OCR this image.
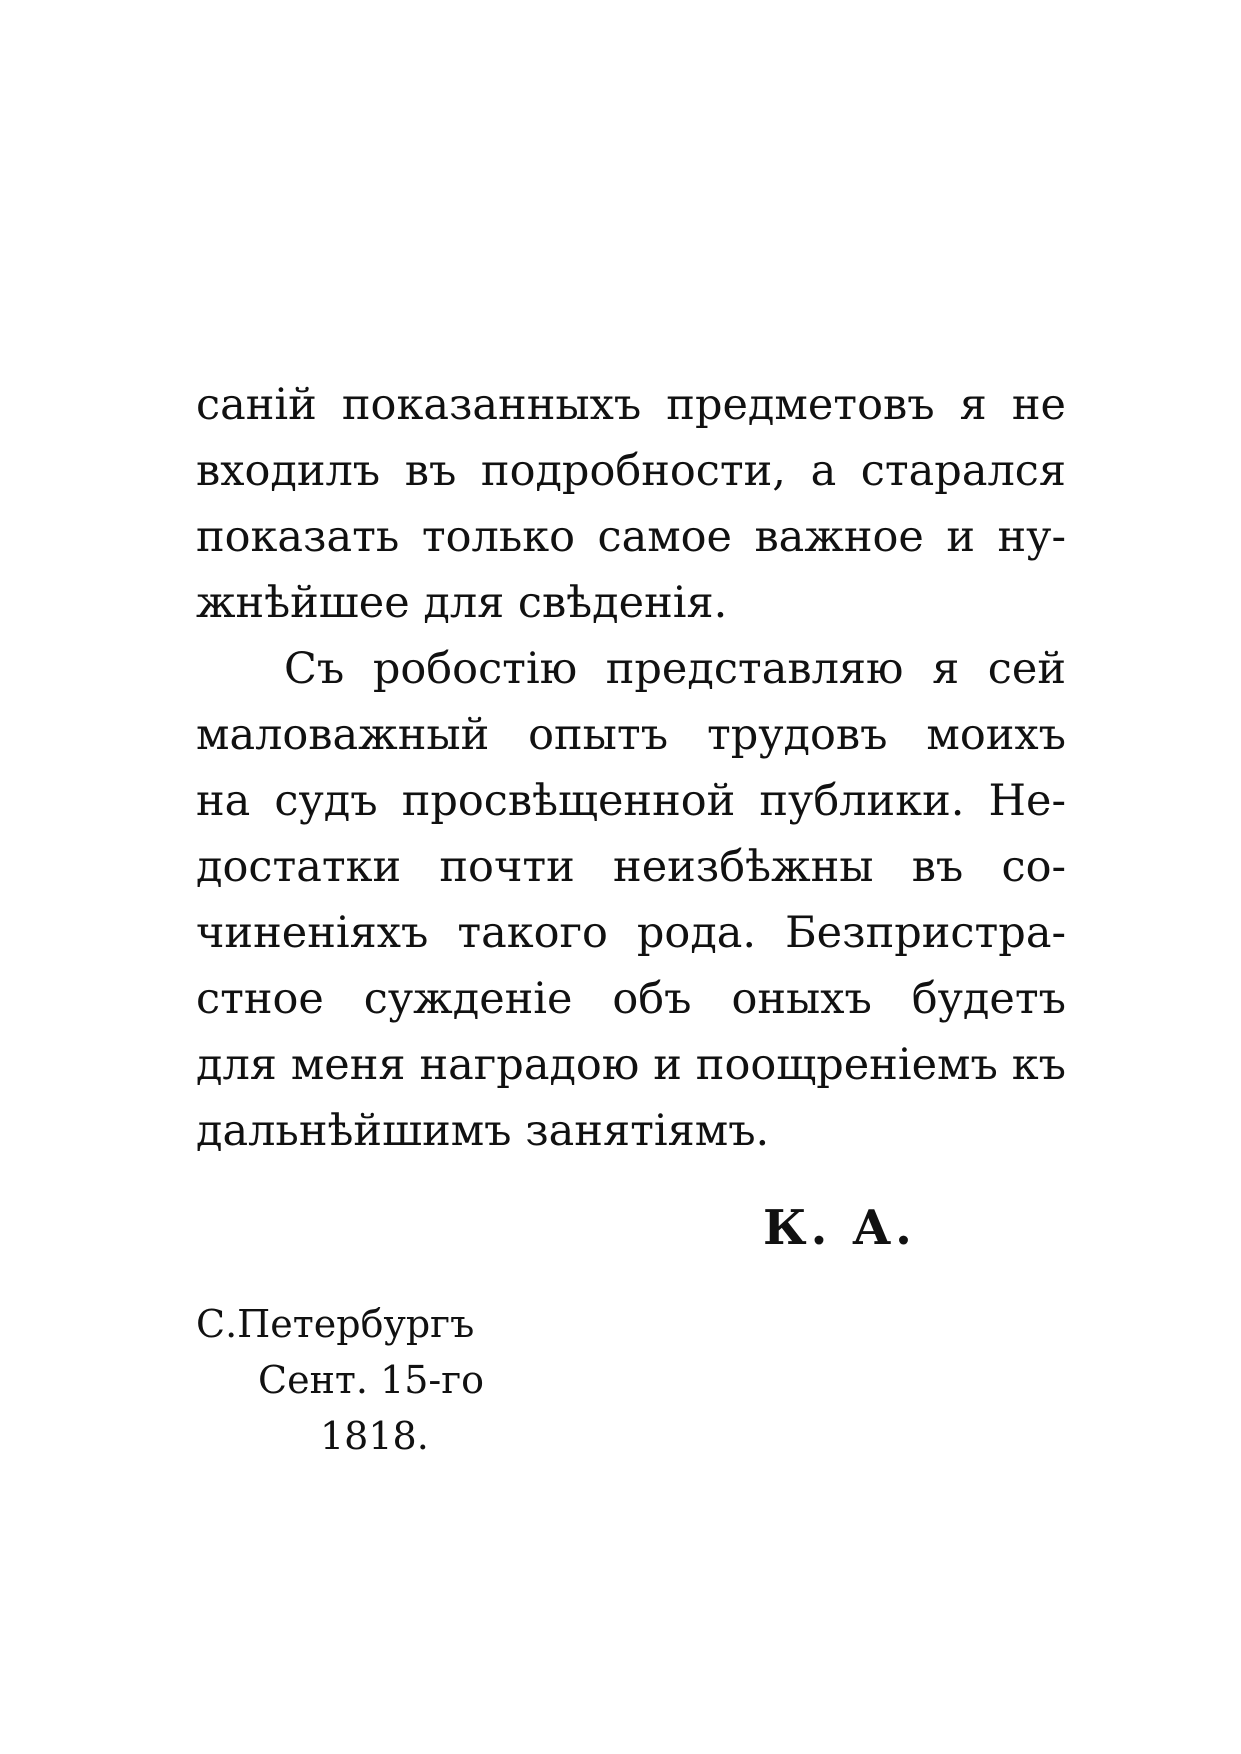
саній показанныхъ предметовъ я не
входилъ въ подробности, а старался
показать только самое важное и ну-
жнѣйшее для свѣденія.
Съ робостію представляю я сей
маловажный опытъ трудовъ моихъ
на судъ просвѣщенной публики. Не-
достатки почти неизбѣжны въ со-
чиненіяхъ такого рода. Безпристра-
стное сужденіе объ оныхъ будетъ
для меня наградою и поощреніемъ къ
дальнѣйшимъ занятіямъ.
К. А.
С.Петербургъ
Сент. 15-го
1818.
